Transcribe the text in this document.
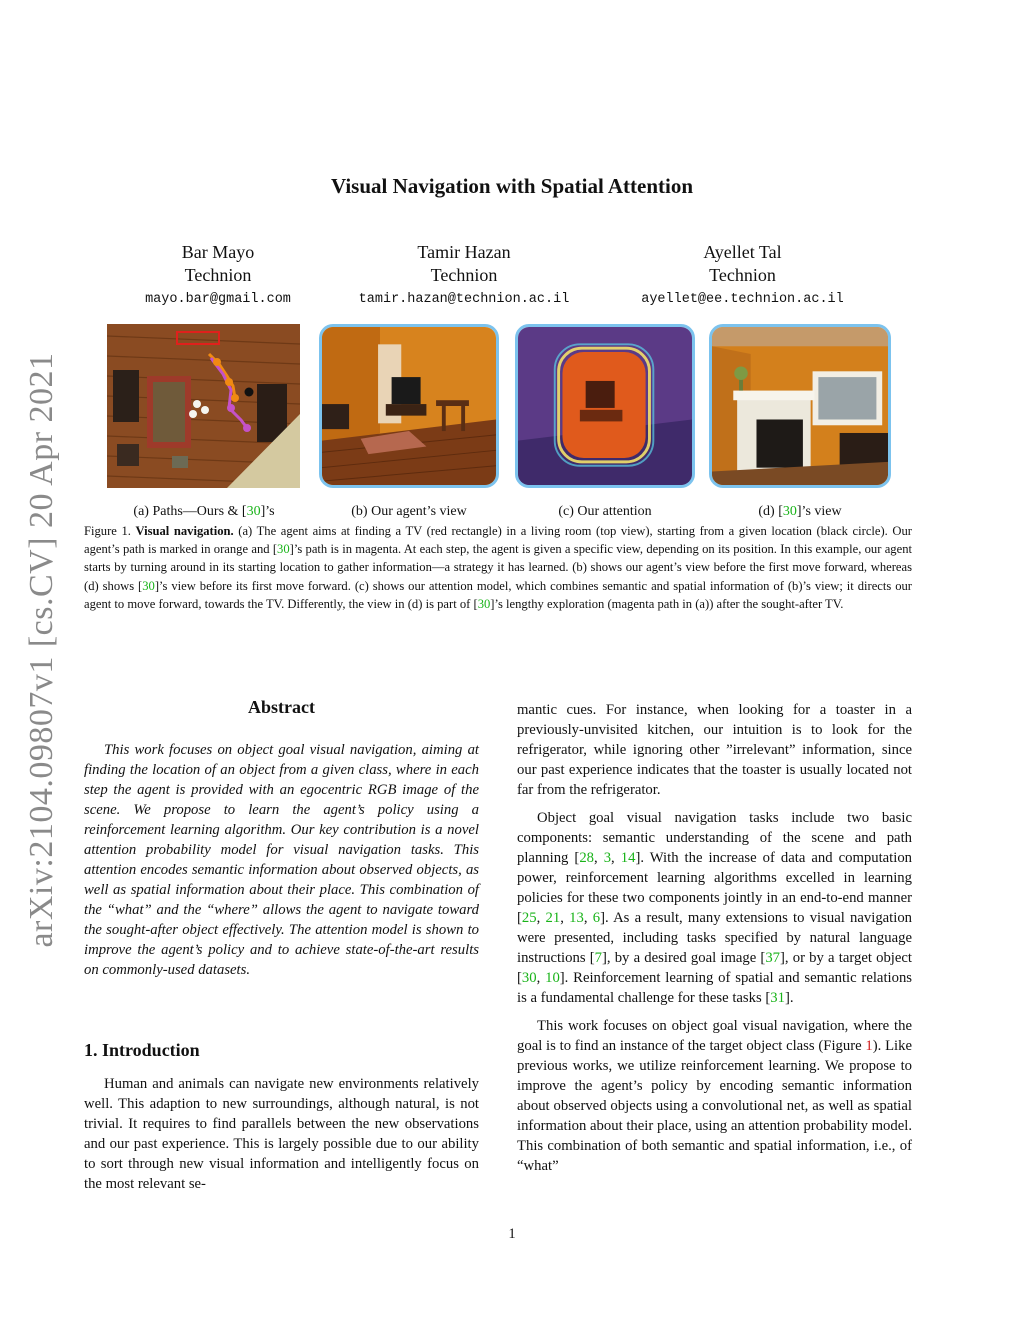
Visual Navigation with Spatial Attention
Bar Mayo
Technion
mayo.bar@gmail.com
Tamir Hazan
Technion
tamir.hazan@technion.ac.il
Ayellet Tal
Technion
ayellet@ee.technion.ac.il
arXiv:2104.09807v1 [cs.CV] 20 Apr 2021	(a) Paths—Ours & [30]’s	(b) Our agent’s view	(c) Our attention	(d) [30]’s view
Figure 1. Visual navigation. (a) The agent aims at finding a TV (red rectangle) in a living room (top view), starting from a given location (black circle). Our agent’s path is marked in orange and [30]’s path is in magenta. At each step, the agent is given a specific view, depending on its position. In this example, our agent starts by turning around in its starting location to gather information—a strategy it has learned. (b) shows our agent’s view before the first move forward, whereas (d) shows [30]’s view before its first move forward. (c) shows our attention model, which combines semantic and spatial information of (b)’s view; it directs our agent to move forward, towards the TV. Differently, the view in (d) is part of [30]’s lengthy exploration (magenta path in (a)) after the sought-after TV.
Abstract

This work focuses on object goal visual navigation, aiming at finding the location of an object from a given class, where in each step the agent is provided with an egocentric RGB image of the scene. We propose to learn the agent’s policy using a reinforcement learning algorithm. Our key contribution is a novel attention probability model for visual navigation tasks. This attention encodes semantic information about observed objects, as well as spatial information about their place. This combination of the “what” and the “where” allows the agent to navigate toward the sought-after object effectively. The attention model is shown to improve the agent’s policy and to achieve state-of-the-art results on commonly-used datasets.

1. Introduction

Human and animals can navigate new environments relatively well. This adaption to new surroundings, although natural, is not trivial. It requires to find parallels between the new observations and our past experience. This is largely possible due to our ability to sort through new visual information and intelligently focus on the most relevant se-

mantic cues. For instance, when looking for a toaster in a previously-unvisited kitchen, our intuition is to look for the refrigerator, while ignoring other ”irrelevant” information, since our past experience indicates that the toaster is usually located not far from the refrigerator.

Object goal visual navigation tasks include two basic components: semantic understanding of the scene and path planning [28, 3, 14]. With the increase of data and computation power, reinforcement learning algorithms excelled in learning policies for these two components jointly in an end-to-end manner [25, 21, 13, 6]. As a result, many extensions to visual navigation were presented, including tasks specified by natural language instructions [7], by a desired goal image [37], or by a target object [30, 10]. Reinforcement learning of spatial and semantic relations is a fundamental challenge for these tasks [31].

This work focuses on object goal visual navigation, where the goal is to find an instance of the target object class (Figure 1). Like previous works, we utilize reinforcement learning. We propose to improve the agent’s policy by encoding semantic information about observed objects using a convolutional net, as well as spatial information about their place, using an attention probability model. This combination of both semantic and spatial information, i.e., of “what”

1
